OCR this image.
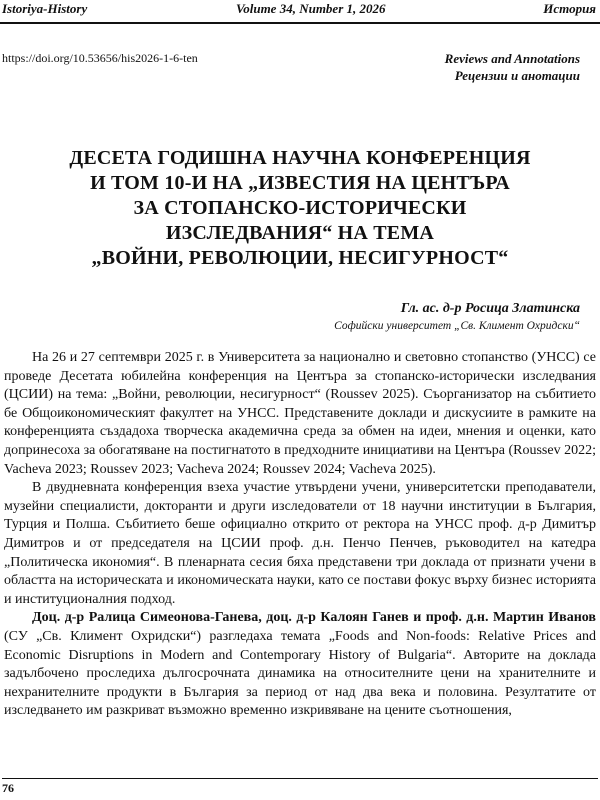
Istoriya-History	Volume 34, Number 1, 2026	История
https://doi.org/10.53656/his2026-1-6-ten	Reviews and Annotations
Рецензии и анотации
ДЕСЕТА ГОДИШНА НАУЧНА КОНФЕРЕНЦИЯ
И ТОМ 10-И НА „ИЗВЕСТИЯ НА ЦЕНТЪРА
ЗА СТОПАНСКО-ИСТОРИЧЕСКИ
ИЗСЛЕДВАНИЯ“ НА ТЕМА
„ВОЙНИ, РЕВОЛЮЦИИ, НЕСИГУРНОСТ“
Гл. ас. д-р Росица Златинска
Софийски университет „Св. Климент Охридски“

На 26 и 27 септември 2025 г. в Университета за национално и световно стопанство (УНСС) се проведе Десетата юбилейна конференция на Центъра за стопанско-исторически изследвания (ЦСИИ) на тема: „Войни, революции, несигурност“ (Roussev 2025). Съорганизатор на събитието бе Общоикономическият факултет на УНСС. Представените доклади и дискусиите в рамките на конференцията създадоха творческа академична среда за обмен на идеи, мнения и оценки, като допринесоха за обогатяване на постигнатото в предходните инициативи на Центъра (Roussev 2022; Vacheva 2023; Roussev 2023; Vacheva 2024; Roussev 2024; Vacheva 2025).

В двудневната конференция взеха участие утвърдени учени, университетски преподаватели, музейни специалисти, докторанти и други изследователи от 18 научни институции в България, Турция и Полша. Събитието беше официално открито от ректора на УНСС проф. д-р Димитър Димитров и от председателя на ЦСИИ проф. д.н. Пенчо Пенчев, ръководител на катедра „Политическа икономия“. В пленарната сесия бяха представени три доклада от признати учени в областта на историческата и икономическата науки, като се постави фокус върху бизнес историята и институционалния подход.

Доц. д-р Ралица Симеонова-Ганева, доц. д-р Калоян Ганев и проф. д.н. Мартин Иванов (СУ „Св. Климент Охридски“) разгледаха темата „Foods and Non-foods: Relative Prices and Economic Disruptions in Modern and Contemporary History of Bulgaria“. Авторите на доклада задълбочено проследиха дългосрочната динамика на относителните цени на хранителните и нехранителните продукти в България за период от над два века и половина. Резултатите от изследването им разкриват възможно временно изкривяване на цените съотношения,

76
